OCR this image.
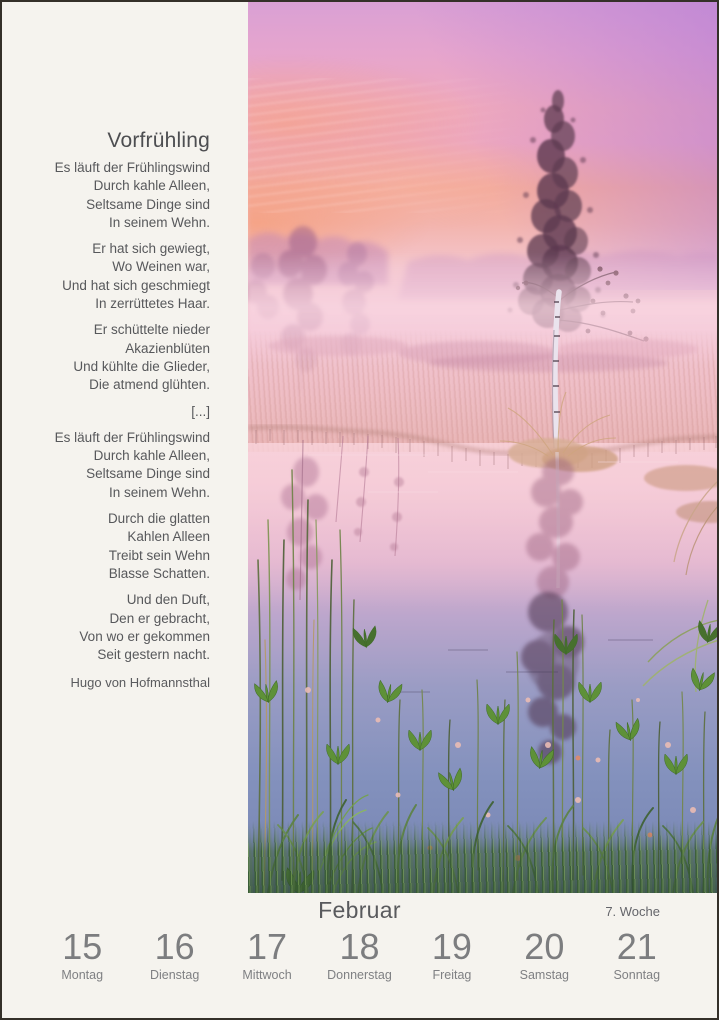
Vorfrühling

Es läuft der Frühlingswind
Durch kahle Alleen,
Seltsame Dinge sind
In seinem Wehn.

Er hat sich gewiegt,
Wo Weinen war,
Und hat sich geschmiegt
In zerrüttetes Haar.

Er schüttelte nieder
Akazienblüten
Und kühlte die Glieder,
Die atmend glühten.

[...]

Es läuft der Frühlingswind
Durch kahle Alleen,
Seltsame Dinge sind
In seinem Wehn.

Durch die glatten
Kahlen Alleen
Treibt sein Wehn
Blasse Schatten.

Und den Duft,
Den er gebracht,
Von wo er gekommen
Seit gestern nacht.

Hugo von Hofmannsthal
Februar	7. Woche
15
Montag
16
Dienstag
17
Mittwoch
18
Donnerstag
19
Freitag
20
Samstag
21
Sonntag
